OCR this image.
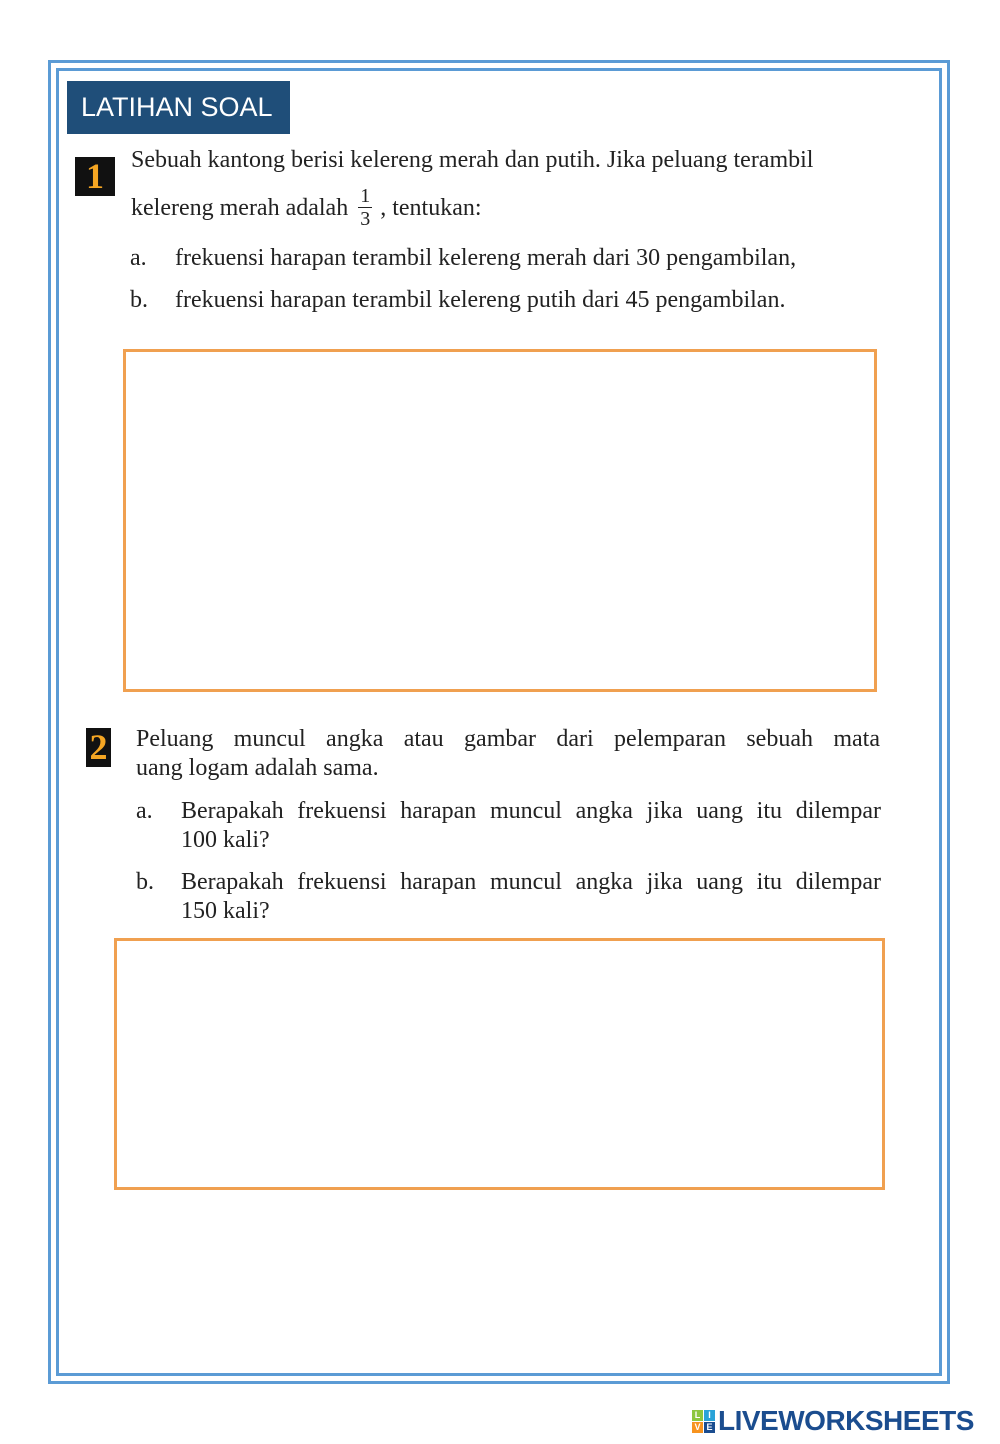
LATIHAN SOAL
1	Sebuah kantong berisi kelereng merah dan putih. Jika peluang terambil
kelereng merah adalah $\frac{1}{3}$ , tentukan:
a. frekuensi harapan terambil kelereng merah dari 30 pengambilan,
b. frekuensi harapan terambil kelereng putih dari 45 pengambilan.
2 Peluang muncul angka atau gambar dari pelemparan sebuah mata
uang logam adalah sama.
a. Berapakah frekuensi harapan muncul angka jika uang itu dilempar
100 kali?
b. Berapakah frekuensi harapan muncul angka jika uang itu dilempar
150 kali?
L I
V E LIVEWORKSHEETS
